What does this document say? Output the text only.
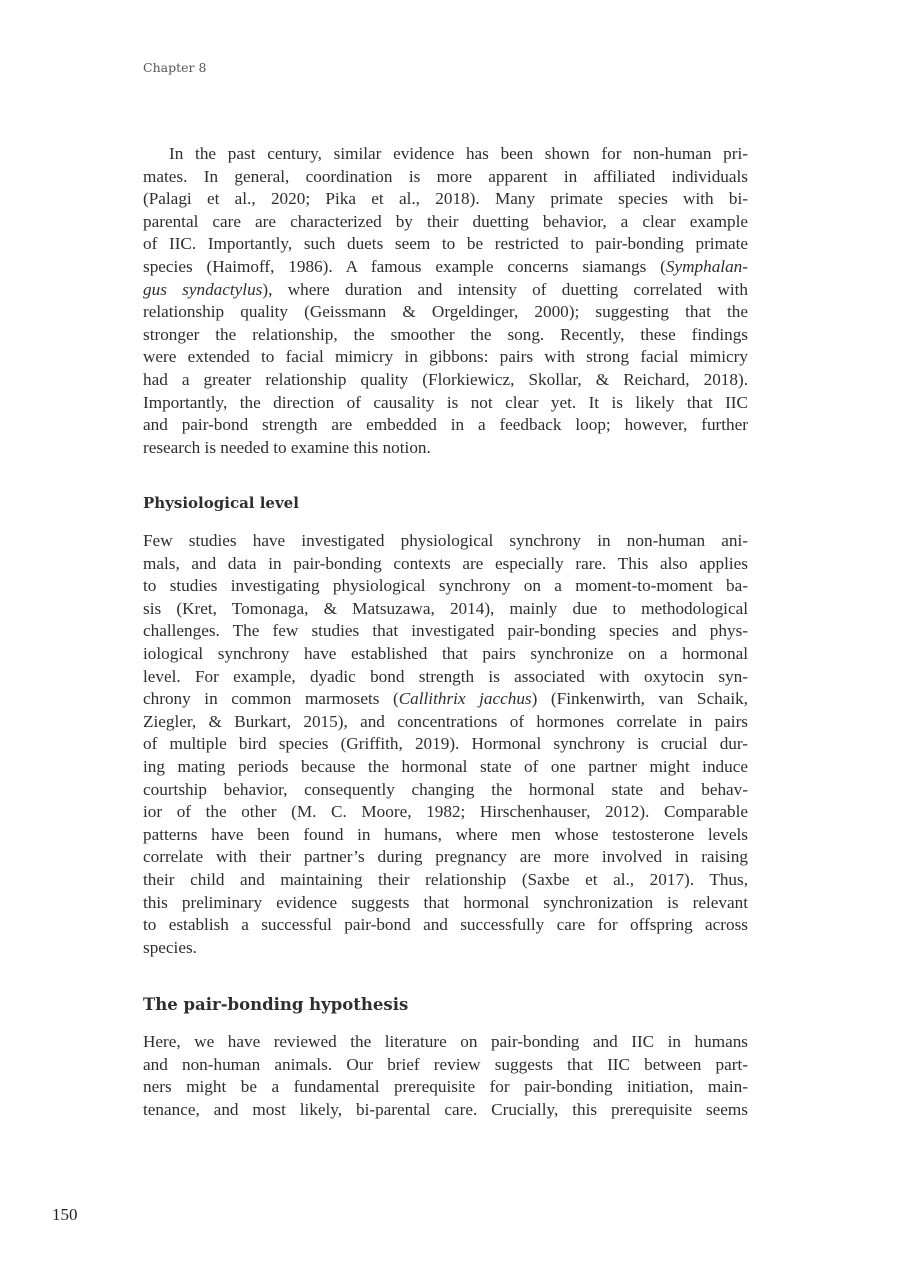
Chapter 8
In the past century, similar evidence has been shown for non-human pri-
mates. In general, coordination is more apparent in affiliated individuals
(Palagi et al., 2020; Pika et al., 2018). Many primate species with bi-
parental care are characterized by their duetting behavior, a clear example
of IIC. Importantly, such duets seem to be restricted to pair-bonding primate
species (Haimoff, 1986). A famous example concerns siamangs (Symphalan-
gus syndactylus), where duration and intensity of duetting correlated with
relationship quality (Geissmann & Orgeldinger, 2000); suggesting that the
stronger the relationship, the smoother the song. Recently, these findings
were extended to facial mimicry in gibbons: pairs with strong facial mimicry
had a greater relationship quality (Florkiewicz, Skollar, & Reichard, 2018).
Importantly, the direction of causality is not clear yet. It is likely that IIC
and pair-bond strength are embedded in a feedback loop; however, further
research is needed to examine this notion.
Physiological level
Few studies have investigated physiological synchrony in non-human ani-
mals, and data in pair-bonding contexts are especially rare. This also applies
to studies investigating physiological synchrony on a moment-to-moment ba-
sis (Kret, Tomonaga, & Matsuzawa, 2014), mainly due to methodological
challenges. The few studies that investigated pair-bonding species and phys-
iological synchrony have established that pairs synchronize on a hormonal
level. For example, dyadic bond strength is associated with oxytocin syn-
chrony in common marmosets (Callithrix jacchus) (Finkenwirth, van Schaik,
Ziegler, & Burkart, 2015), and concentrations of hormones correlate in pairs
of multiple bird species (Griffith, 2019). Hormonal synchrony is crucial dur-
ing mating periods because the hormonal state of one partner might induce
courtship behavior, consequently changing the hormonal state and behav-
ior of the other (M. C. Moore, 1982; Hirschenhauser, 2012). Comparable
patterns have been found in humans, where men whose testosterone levels
correlate with their partner’s during pregnancy are more involved in raising
their child and maintaining their relationship (Saxbe et al., 2017). Thus,
this preliminary evidence suggests that hormonal synchronization is relevant
to establish a successful pair-bond and successfully care for offspring across
species.
The pair-bonding hypothesis
Here, we have reviewed the literature on pair-bonding and IIC in humans
and non-human animals. Our brief review suggests that IIC between part-
ners might be a fundamental prerequisite for pair-bonding initiation, main-
tenance, and most likely, bi-parental care. Crucially, this prerequisite seems
150
